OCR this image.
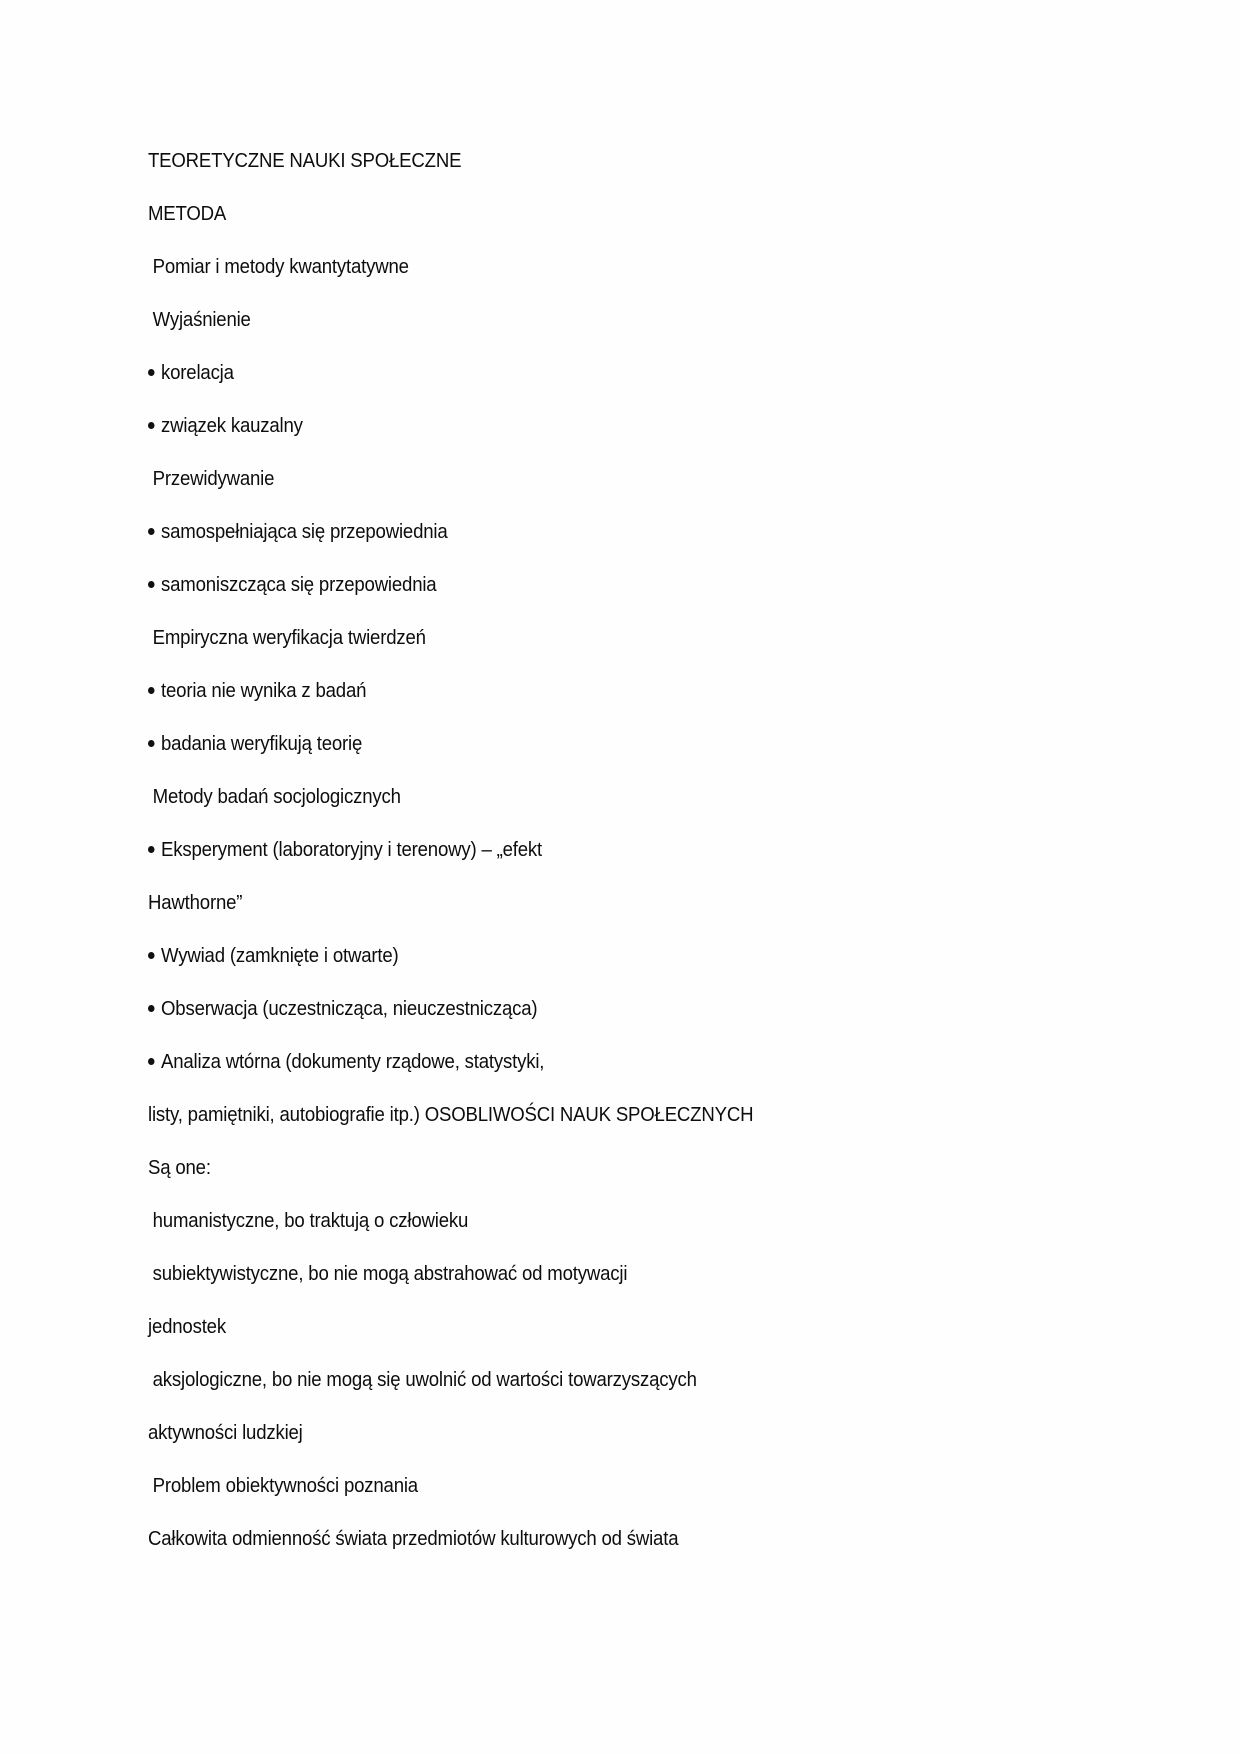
TEORETYCZNE NAUKI SPOŁECZNE
METODA
Pomiar i metody kwantytatywne
Wyjaśnienie
korelacja
związek kauzalny
Przewidywanie
samospełniająca się przepowiednia
samoniszcząca się przepowiednia
Empiryczna weryfikacja twierdzeń
teoria nie wynika z badań
badania weryfikują teorię
Metody badań socjologicznych
Eksperyment (laboratoryjny i terenowy) – „efekt
Hawthorne”
Wywiad (zamknięte i otwarte)
Obserwacja (uczestnicząca, nieuczestnicząca)
Analiza wtórna (dokumenty rządowe, statystyki,
listy, pamiętniki, autobiografie itp.) OSOBLIWOŚCI NAUK SPOŁECZNYCH
Są one:
humanistyczne, bo traktują o człowieku
subiektywistyczne, bo nie mogą abstrahować od motywacji
jednostek
aksjologiczne, bo nie mogą się uwolnić od wartości towarzyszących
aktywności ludzkiej
Problem obiektywności poznania
Całkowita odmienność świata przedmiotów kulturowych od świata
